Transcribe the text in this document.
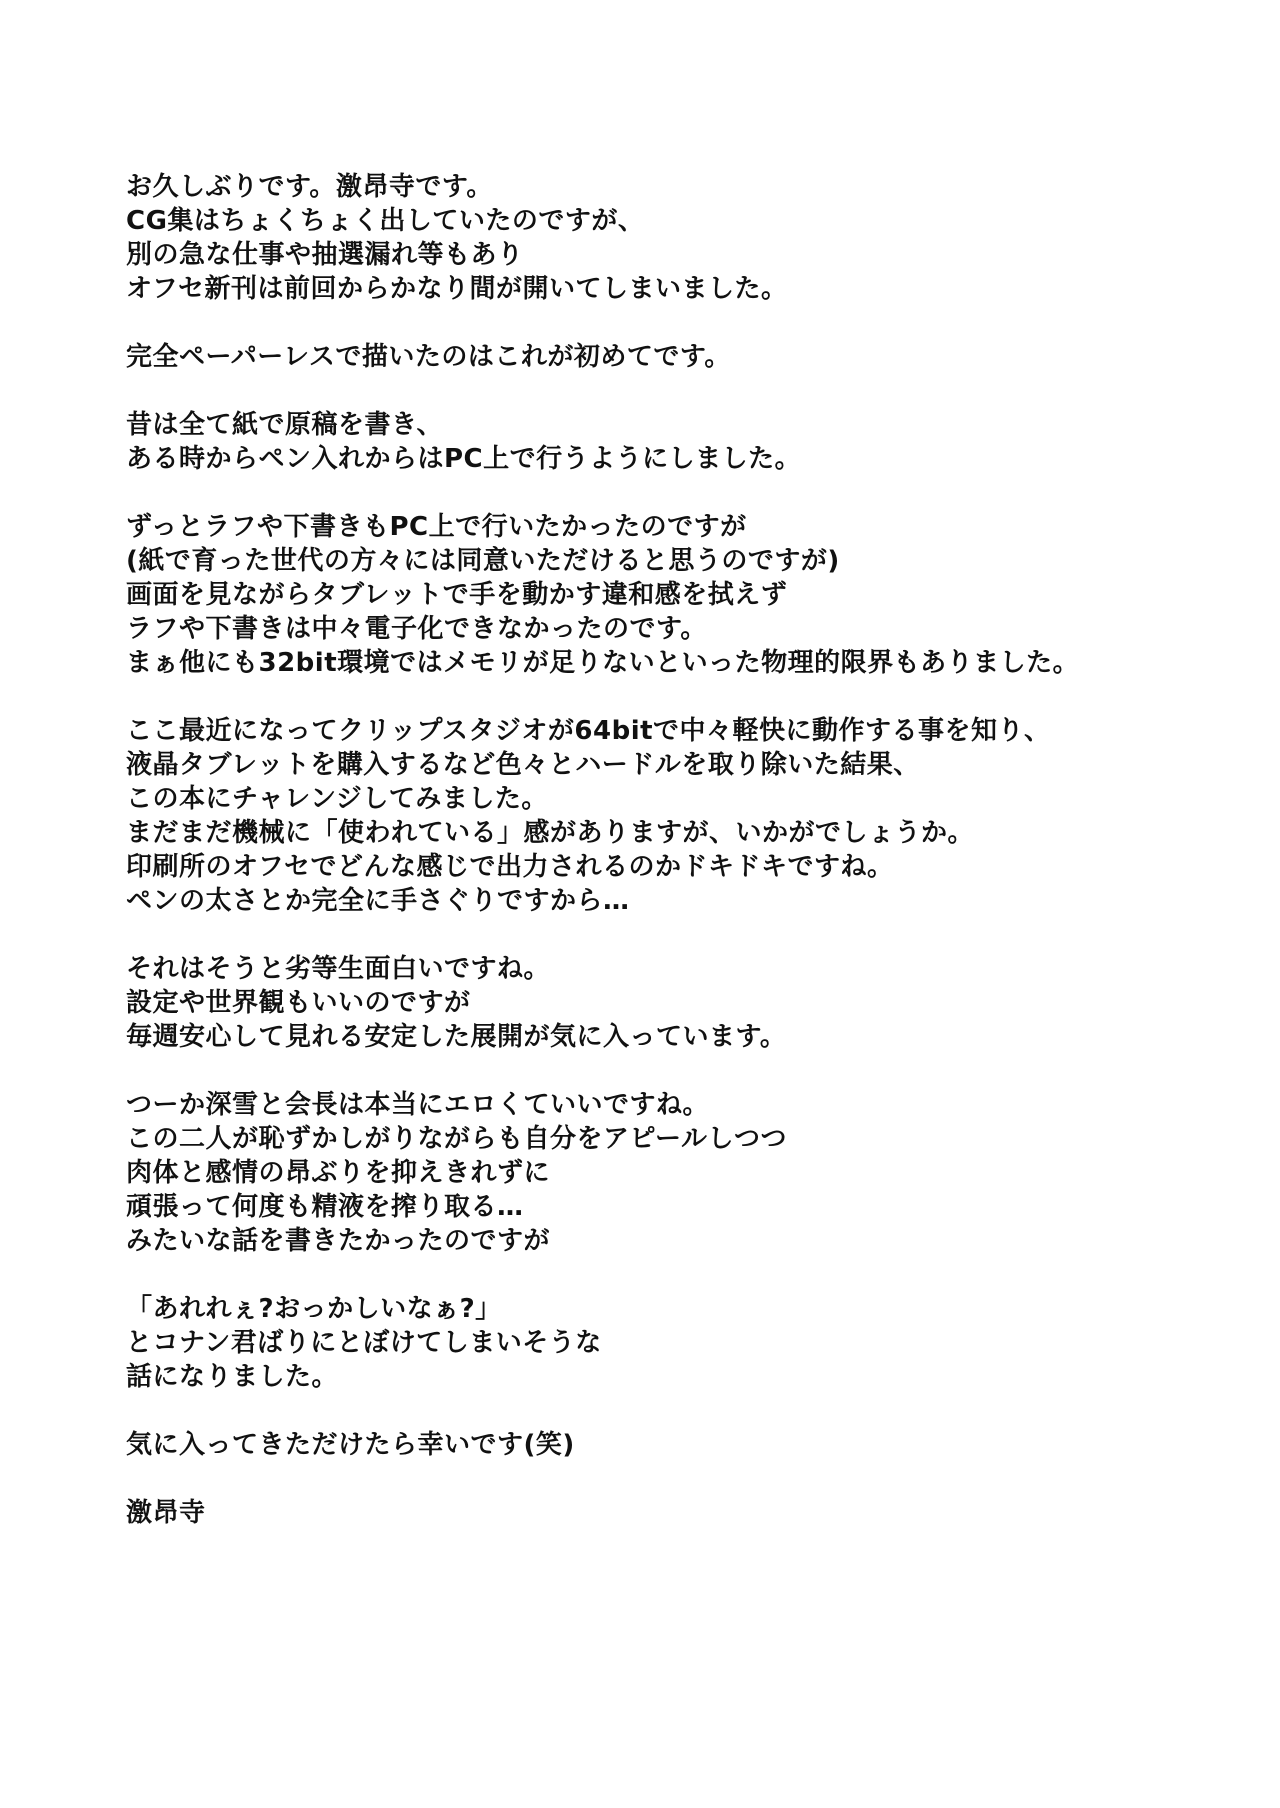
お久しぶりです。激昂寺です。
CG集はちょくちょく出していたのですが、
別の急な仕事や抽選漏れ等もあり
オフセ新刊は前回からかなり間が開いてしまいました。
完全ペーパーレスで描いたのはこれが初めてです。
昔は全て紙で原稿を書き、
ある時からペン入れからはPC上で行うようにしました。
ずっとラフや下書きもPC上で行いたかったのですが
(紙で育った世代の方々には同意いただけると思うのですが)
画面を見ながらタブレットで手を動かす違和感を拭えず
ラフや下書きは中々電子化できなかったのです。
まぁ他にも32bit環境ではメモリが足りないといった物理的限界もありました。
ここ最近になってクリップスタジオが64bitで中々軽快に動作する事を知り、
液晶タブレットを購入するなど色々とハードルを取り除いた結果、
この本にチャレンジしてみました。
まだまだ機械に「使われている」感がありますが、いかがでしょうか。
印刷所のオフセでどんな感じで出力されるのかドキドキですね。
ペンの太さとか完全に手さぐりですから…
それはそうと劣等生面白いですね。
設定や世界観もいいのですが
毎週安心して見れる安定した展開が気に入っています。
つーか深雪と会長は本当にエロくていいですね。
この二人が恥ずかしがりながらも自分をアピールしつつ
肉体と感情の昂ぶりを抑えきれずに
頑張って何度も精液を搾り取る…
みたいな話を書きたかったのですが
「あれれぇ?おっかしいなぁ?」
とコナン君ばりにとぼけてしまいそうな
話になりました。
気に入ってきただけたら幸いです(笑)
激昂寺
